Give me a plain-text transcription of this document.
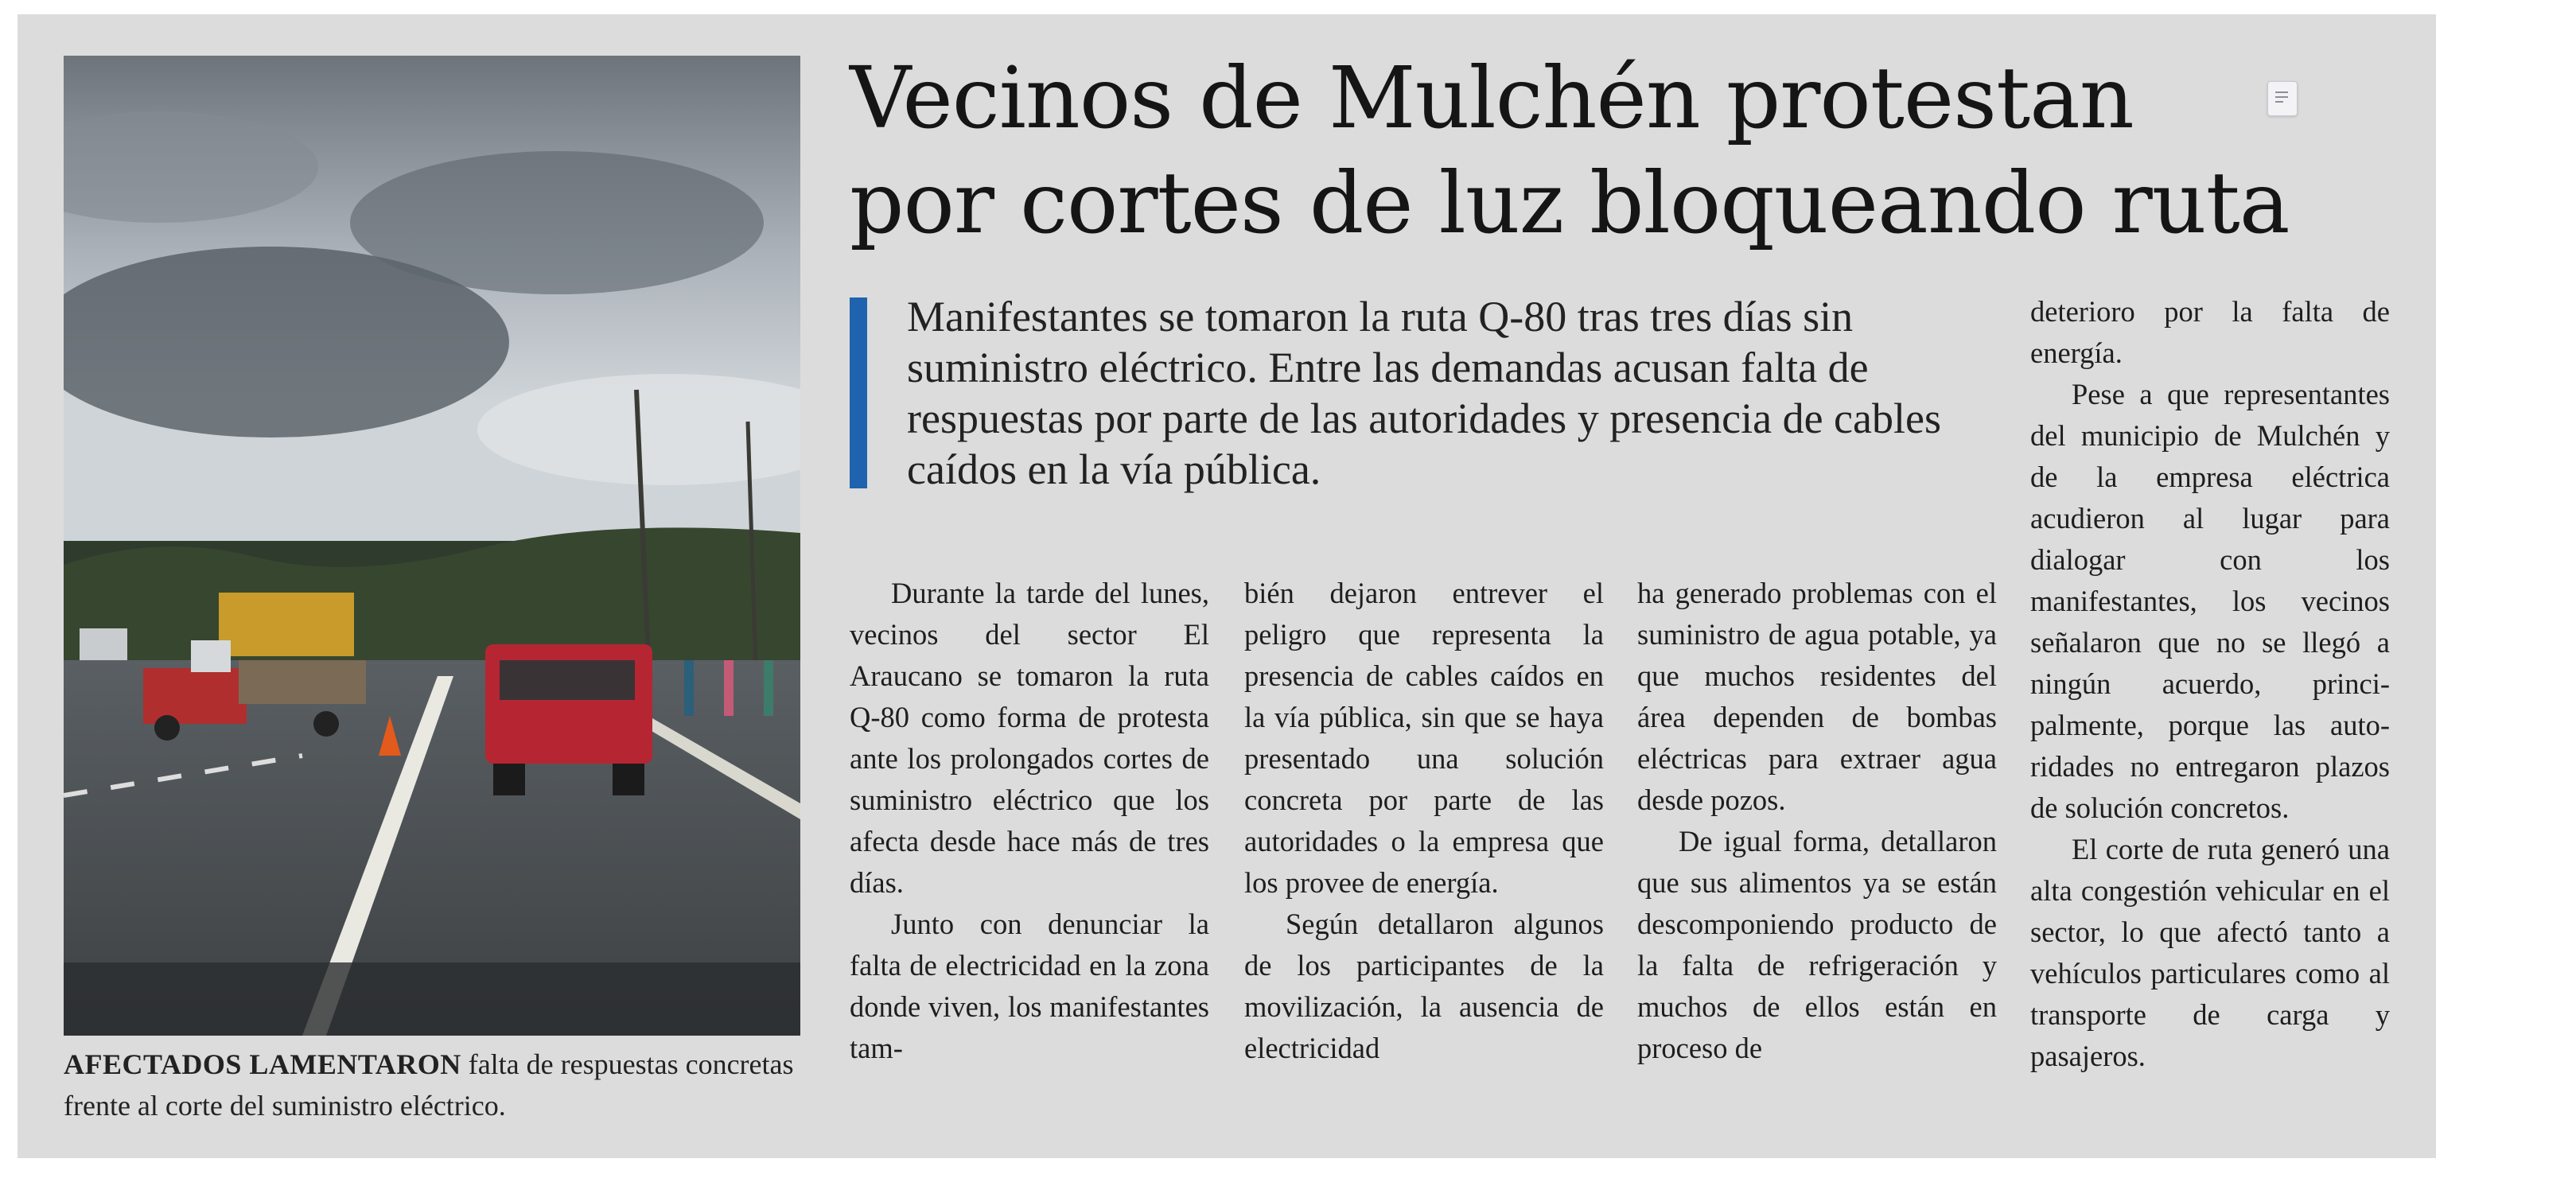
AFECTADOS LAMENTARON falta de respuestas concretas frente al corte del suministro eléctrico.
Vecinos de Mulchén protestan por cortes de luz bloqueando ruta

Manifestantes se tomaron la ruta Q-80 tras tres días sin suministro eléctrico. Entre las demandas acusan falta de respuestas por parte de las autoridades y presencia de cables caídos en la vía pública.

Durante la tarde del lunes, vecinos del sector El Araucano se tomaron la ruta Q-80 como forma de protesta ante los prolongados cortes de suministro eléctrico que los afecta desde hace más de tres días.

Junto con denunciar la falta de electricidad en la zona donde viven, los manifestantes tam-

bién dejaron entrever el peligro que representa la presencia de cables caídos en la vía pública, sin que se haya presentado una solución concreta por parte de las autoridades o la empresa que los provee de energía.

Según detallaron algunos de los participantes de la movilización, la ausencia de electricidad

ha generado problemas con el suministro de agua potable, ya que muchos residentes del área dependen de bombas eléctricas para extraer agua desde pozos.

De igual forma, detallaron que sus alimentos ya se están descomponiendo producto de la falta de refrigeración y muchos de ellos están en proceso de

deterioro por la falta de energía.

Pese a que representantes del municipio de Mulchén y de la empresa eléctrica acudieron al lugar para dialogar con los manifestantes, los vecinos señalaron que no se llegó a ningún acuerdo, principalmente, porque las autoridades no entregaron plazos de solución concretos.

El corte de ruta generó una alta congestión vehicular en el sector, lo que afectó tanto a vehículos particulares como al transporte de carga y pasajeros.
